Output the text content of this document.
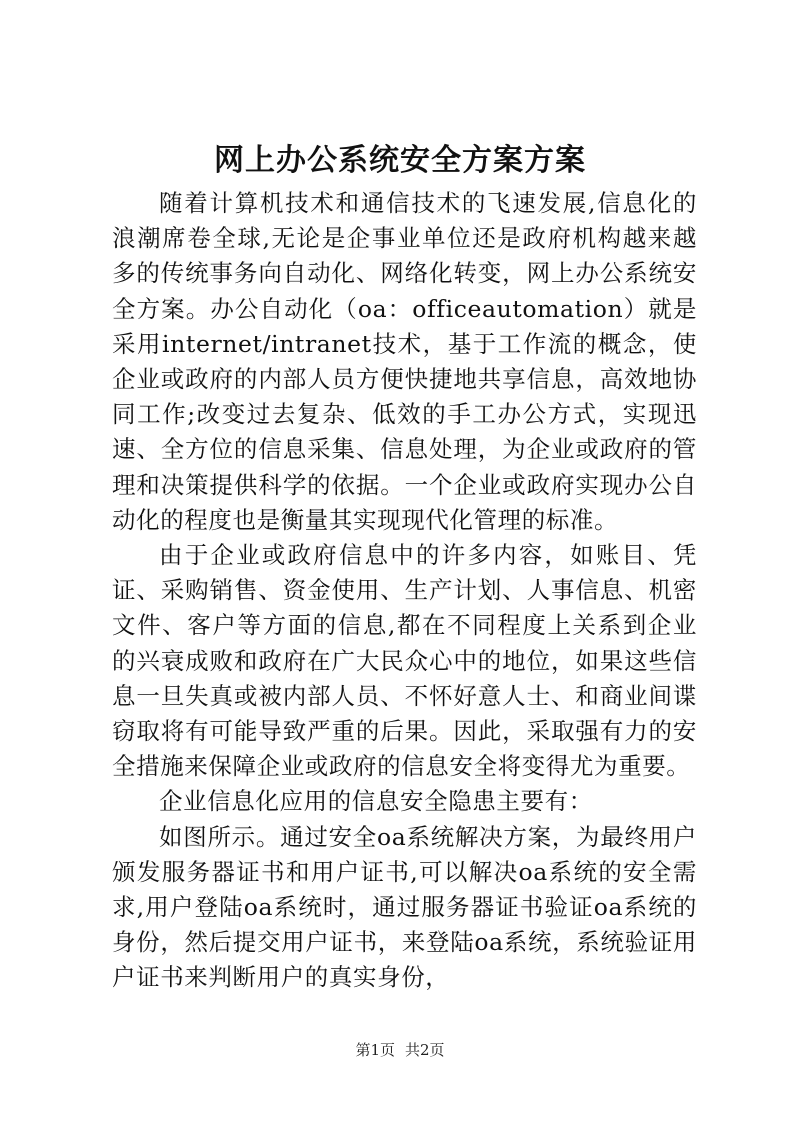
网上办公系统安全方案方案

随着计算机技术和通信技术的飞速发展,信息化的浪潮席卷全球,无论是企事业单位还是政府机构越来越多的传统事务向自动化、网络化转变，网上办公系统安全方案。办公自动化（oa：officeautomation）就是采用internet/intranet技术，基于工作流的概念，使企业或政府的内部人员方便快捷地共享信息，高效地协同工作;改变过去复杂、低效的手工办公方式，实现迅速、全方位的信息采集、信息处理，为企业或政府的管理和决策提供科学的依据。一个企业或政府实现办公自动化的程度也是衡量其实现现代化管理的标准。

由于企业或政府信息中的许多内容，如账目、凭证、采购销售、资金使用、生产计划、人事信息、机密文件、客户等方面的信息,都在不同程度上关系到企业的兴衰成败和政府在广大民众心中的地位，如果这些信息一旦失真或被内部人员、不怀好意人士、和商业间谍窃取将有可能导致严重的后果。因此，采取强有力的安全措施来保障企业或政府的信息安全将变得尤为重要。

企业信息化应用的信息安全隐患主要有：

如图所示。通过安全oa系统解决方案，为最终用户颁发服务器证书和用户证书,可以解决oa系统的安全需求,用户登陆oa系统时，通过服务器证书验证oa系统的身份，然后提交用户证书，来登陆oa系统，系统验证用户证书来判断用户的真实身份，

第1页 共2页
